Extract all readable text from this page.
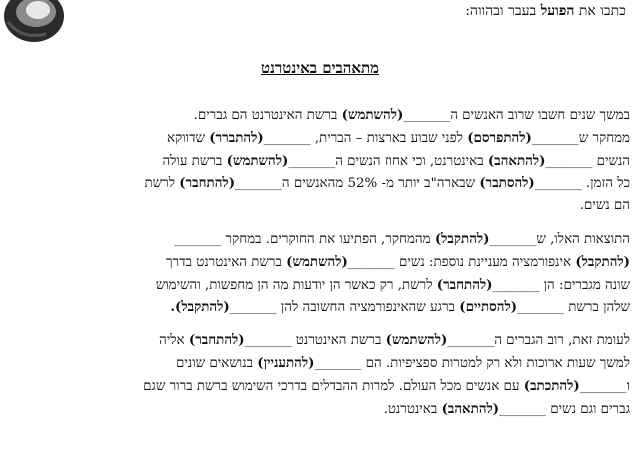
כתבו את הפועל בעבר ובהווה:
מתאהבים באינטרנט
במשך שנים חשבו שרוב האנשים ה_______(להשתמש) ברשת האינטרנט הם גברים.
ממחקר ש_______(להתפרסם) לפני שבוע בארצות – הברית, _______(להתברר) שדווקא
הנשים _______(להתאהב) באינטרנט, וכי אחוז הנשים ה_______(להשתמש) ברשת עולה
כל הזמן. _______(להסתבר) שבארה"ב יותר מ- 52% מהאנשים ה_______(להתחבר) לרשת
הם נשים.
התוצאות האלו, ש_______(להתקבל) מהמחקר, הפתיעו את החוקרים. במחקר _______
(להתקבל) אינפורמציה מעניינת נוספת: נשים _______(להשתמש) ברשת האינטרנט בדרך
שונה מגברים: הן _______(להתחבר) לרשת, רק כאשר הן יודעות מה הן מחפשות, והשימוש
שלהן ברשת _______(להסתיים) ברגע שהאינפורמציה החשובה להן _______(להתקבל).
לעומת זאת, רוב הגברים ה_______(להשתמש) ברשת האינטרנט _______(להתחבר) אליה
למשך שעות ארוכות ולא רק למטרות ספציפיות. הם _______(להתעניין) בנושאים שונים
ו_______(להתכתב) עם אנשים מכל העולם. למרות ההבדלים בדרכי השימוש ברשת ברור שגם
גברים וגם נשים _______(להתאהב) באינטרנט.
